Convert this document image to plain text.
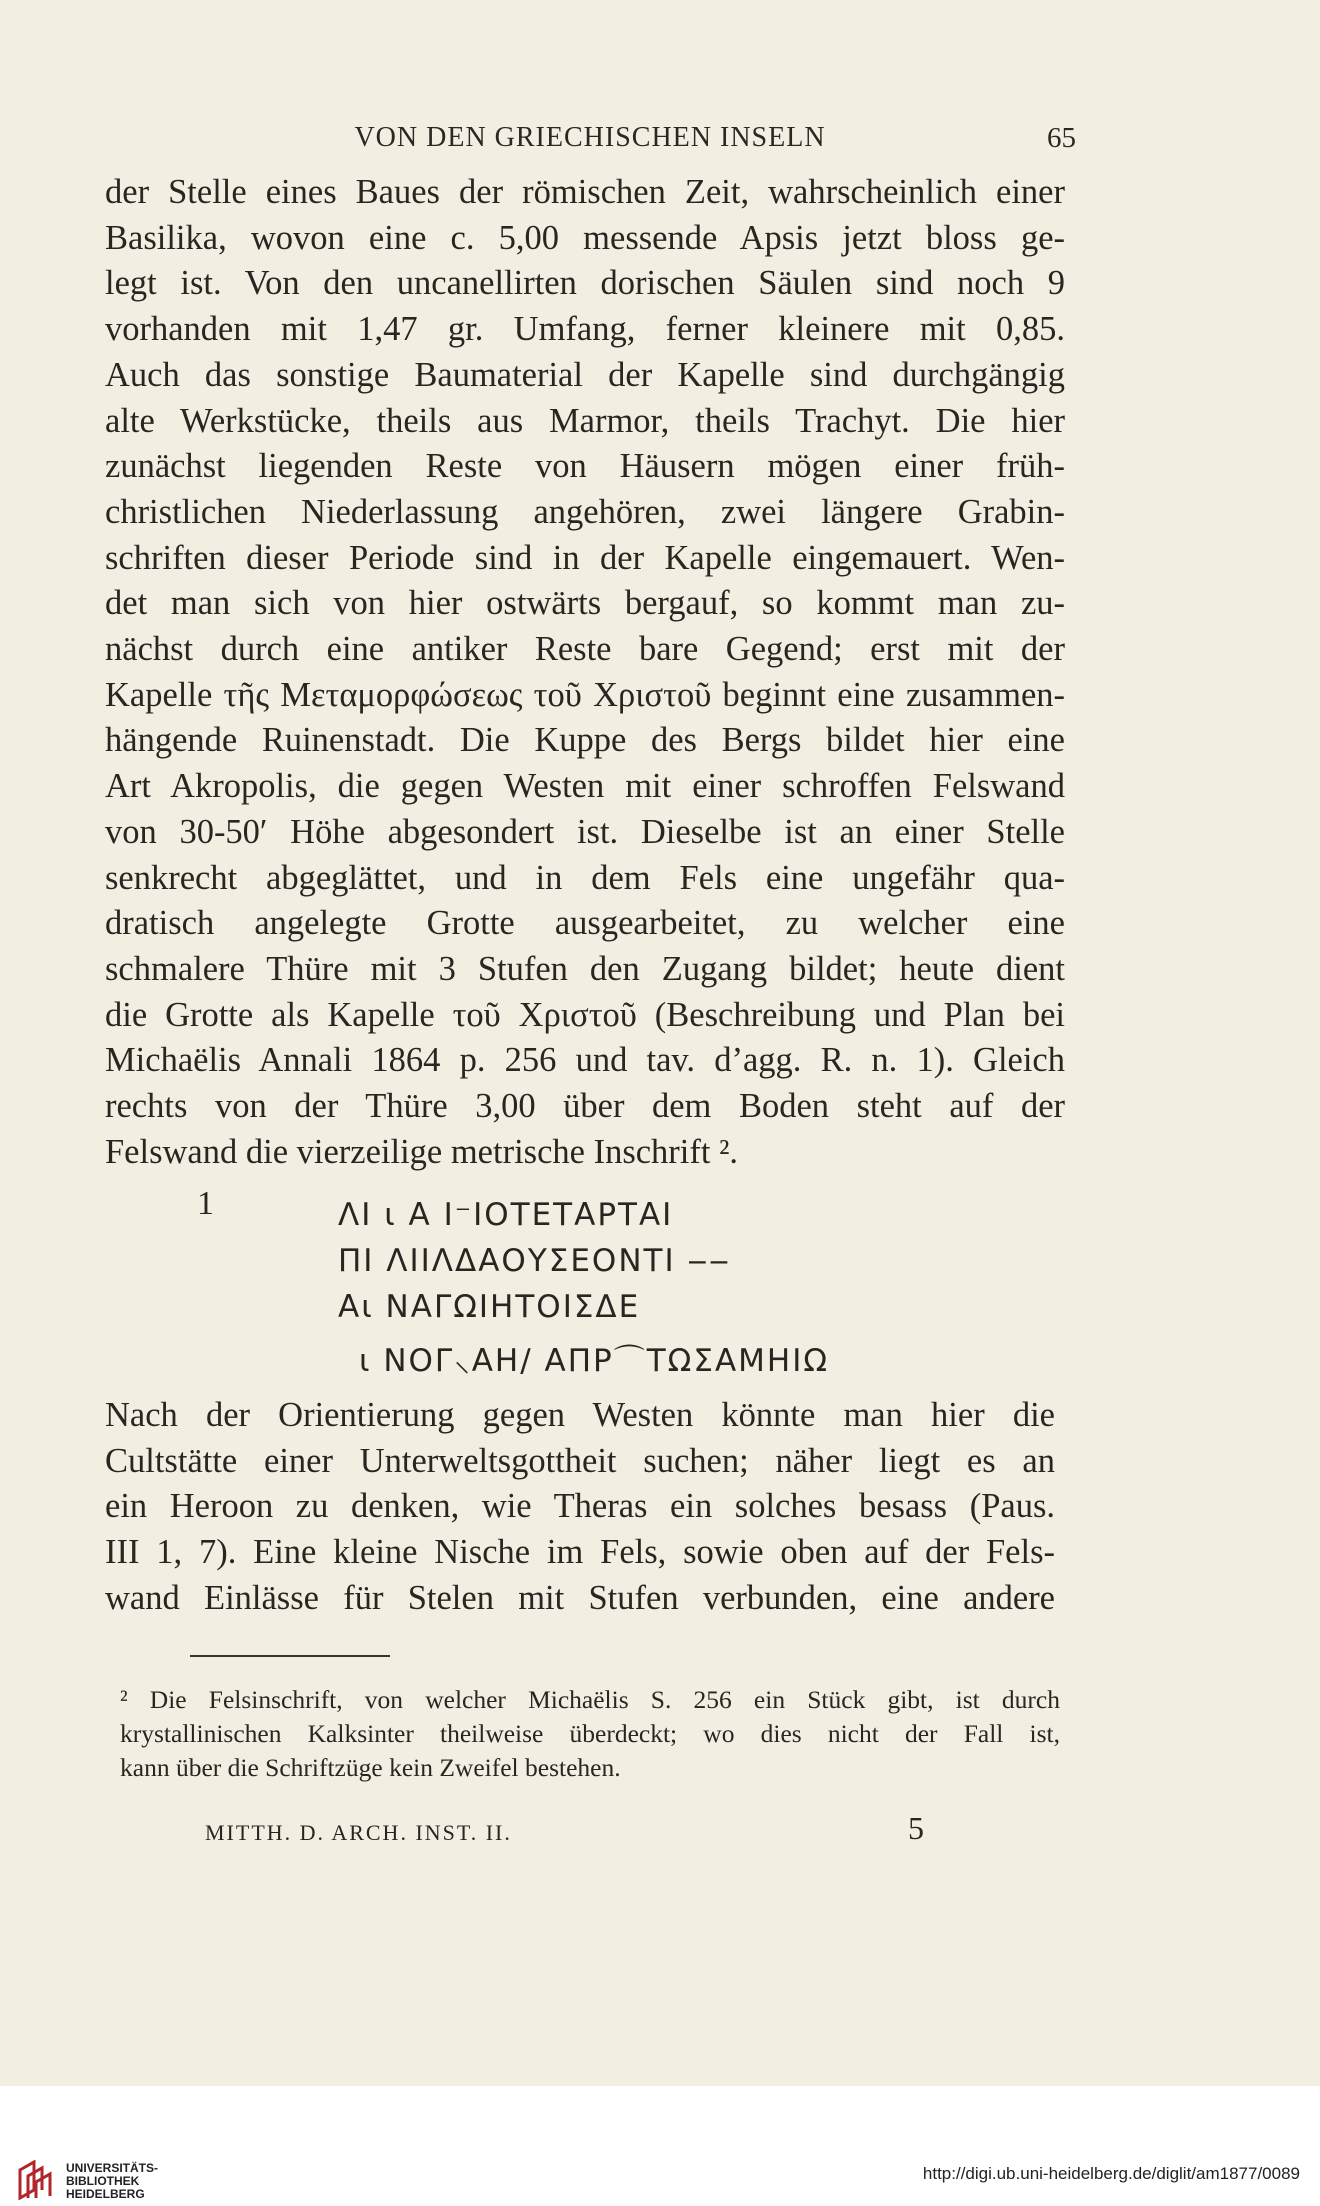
VON DEN GRIECHISCHEN INSELN	65
der Stelle eines Baues der römischen Zeit, wahrscheinlich einer
Basilika, wovon eine c. 5,00 messende Apsis jetzt bloss ge-
legt ist. Von den uncanellirten dorischen Säulen sind noch 9
vorhanden mit 1,47 gr. Umfang, ferner kleinere mit 0,85.
Auch das sonstige Baumaterial der Kapelle sind durchgängig
alte Werkstücke, theils aus Marmor, theils Trachyt. Die hier
zunächst liegenden Reste von Häusern mögen einer früh-
christlichen Niederlassung angehören, zwei längere Grabin-
schriften dieser Periode sind in der Kapelle eingemauert. Wen-
det man sich von hier ostwärts bergauf, so kommt man zu-
nächst durch eine antiker Reste bare Gegend; erst mit der
Kapelle τῆς Μεταμορφώσεως τοῦ Χριστοῦ beginnt eine zusammen-
hängende Ruinenstadt. Die Kuppe des Bergs bildet hier eine
Art Akropolis, die gegen Westen mit einer schroffen Felswand
von 30-50′ Höhe abgesondert ist. Dieselbe ist an einer Stelle
senkrecht abgeglättet, und in dem Fels eine ungefähr qua-
dratisch angelegte Grotte ausgearbeitet, zu welcher eine
schmalere Thüre mit 3 Stufen den Zugang bildet; heute dient
die Grotte als Kapelle τοῦ Χριστοῦ (Beschreibung und Plan bei
Michaëlis Annali 1864 p. 256 und tav. d’agg. R. n. 1). Gleich
rechts von der Thüre 3,00 über dem Boden steht auf der
Felswand die vierzeilige metrische Inschrift ².
1	ΛΙ ι Α Ι⁻ΙΟΤΕΤΑΡΤΑΙ
ΠΙ ΛΙΙΛΔΑΟΥΣΕΟΝΤΙ ‒‒
Αι ΝΑΓΩΙΗΤΟΙΣΔΕ
ι ΝΟΓ⸜ΑΗ/ ΑΠΡ⌒ΤΩΣΑΜΗΙΩ
Nach der Orientierung gegen Westen könnte man hier die
Cultstätte einer Unterweltsgottheit suchen; näher liegt es an
ein Heroon zu denken, wie Theras ein solches besass (Paus.
III 1, 7). Eine kleine Nische im Fels, sowie oben auf der Fels-
wand Einlässe für Stelen mit Stufen verbunden, eine andere
² Die Felsinschrift, von welcher Michaëlis S. 256 ein Stück gibt, ist durch
krystallinischen Kalksinter theilweise überdeckt; wo dies nicht der Fall ist,
kann über die Schriftzüge kein Zweifel bestehen.
MITTH. D. ARCH. INST. II.	5
UNIVERSITÄTS-
BIBLIOTHEK
HEIDELBERG
http://digi.ub.uni-heidelberg.de/diglit/am1877/0089
